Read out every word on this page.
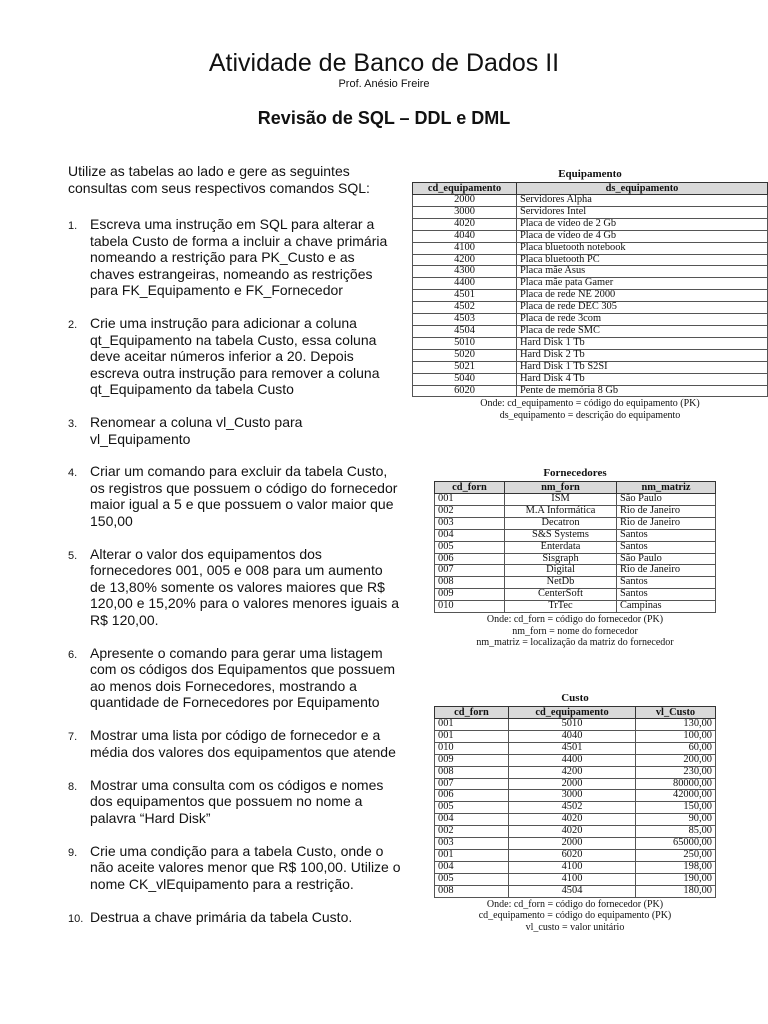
Atividade de Banco de Dados II
Prof. Anésio Freire
Revisão de SQL – DDL e DML

Utilize as tabelas ao lado e gere as seguintes consultas com seus respectivos comandos SQL:

1. Escreva uma instrução em SQL para alterar a tabela Custo de forma a incluir a chave primária nomeando a restrição para PK_Custo e as chaves estrangeiras, nomeando as restrições para FK_Equipamento e FK_Fornecedor
2. Crie uma instrução para adicionar a coluna qt_Equipamento na tabela Custo, essa coluna deve aceitar números inferior a 20. Depois escreva outra instrução para remover a coluna qt_Equipamento da tabela Custo
3. Renomear a coluna vl_Custo para vl_Equipamento
4. Criar um comando para excluir da tabela Custo, os registros que possuem o código do fornecedor maior igual a 5 e que possuem o valor maior que 150,00
5. Alterar o valor dos equipamentos dos fornecedores 001, 005 e 008 para um aumento de 13,80% somente os valores maiores que R$ 120,00 e 15,20% para o valores menores iguais a R$ 120,00.
6. Apresente o comando para gerar uma listagem com os códigos dos Equipamentos que possuem ao menos dois Fornecedores, mostrando a quantidade de Fornecedores por Equipamento
7. Mostrar uma lista por código de fornecedor e a média dos valores dos equipamentos que atende
8. Mostrar uma consulta com os códigos e nomes dos equipamentos que possuem no nome a palavra “Hard Disk”
9. Crie uma condição para a tabela Custo, onde o não aceite valores menor que R$ 100,00. Utilize o nome CK_vlEquipamento para a restrição.
10. Destrua a chave primária da tabela Custo.
Equipamento
cd_equipamento	ds_equipamento
2000	Servidores Alpha
3000	Servidores Intel
4020	Placa de vídeo de 2 Gb
4040	Placa de vídeo de 4 Gb
4100	Placa bluetooth notebook
4200	Placa bluetooth PC
4300	Placa mãe Asus
4400	Placa mãe pata Gamer
4501	Placa de rede NE 2000
4502	Placa de rede DEC 305
4503	Placa de rede 3com
4504	Placa de rede SMC
5010	Hard Disk 1 Tb
5020	Hard Disk 2 Tb
5021	Hard Disk 1 Tb S2SI
5040	Hard Disk 4 Tb
6020	Pente de memória 8 Gb
Onde: cd_equipamento = código do equipamento (PK)
ds_equipamento = descrição do equipamento
Fornecedores
cd_forn	nm_forn	nm_matriz
001	ISM	São Paulo
002	M.A Informática	Rio de Janeiro
003	Decatron	Rio de Janeiro
004	S&S Systems	Santos
005	Enterdata	Santos
006	Sisgraph	São Paulo
007	Digital	Rio de Janeiro
008	NetDb	Santos
009	CenterSoft	Santos
010	TrTec	Campinas
Onde: cd_forn = código do fornecedor (PK)
nm_forn = nome do fornecedor
nm_matriz = localização da matriz do fornecedor
Custo
cd_forn	cd_equipamento	vl_Custo
001	5010	130,00
001	4040	100,00
010	4501	60,00
009	4400	200,00
008	4200	230,00
007	2000	80000,00
006	3000	42000,00
005	4502	150,00
004	4020	90,00
002	4020	85,00
003	2000	65000,00
001	6020	250,00
004	4100	198,00
005	4100	190,00
008	4504	180,00
Onde: cd_forn = código do fornecedor (PK)
cd_equipamento = código do equipamento (PK)
vl_custo = valor unitário
